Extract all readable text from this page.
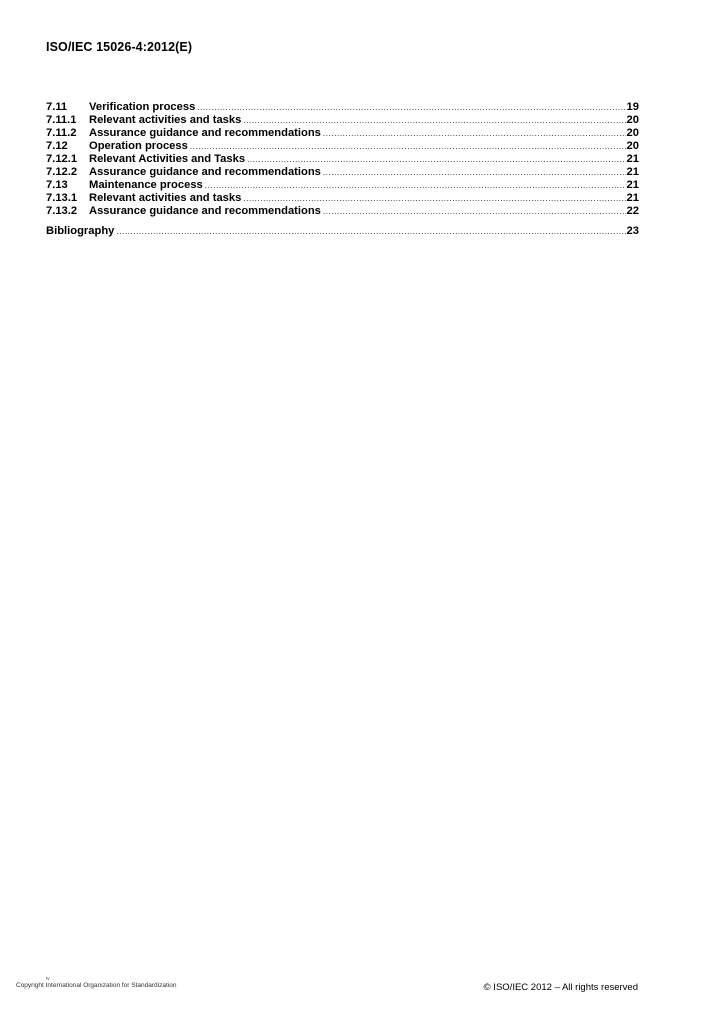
ISO/IEC 15026-4:2012(E)
7.11	Verification process .....	19
7.11.1	Relevant activities and tasks .....	20
7.11.2	Assurance guidance and recommendations .....	20
7.12	Operation process .....	20
7.12.1	Relevant Activities and Tasks .....	21
7.12.2	Assurance guidance and recommendations .....	21
7.13	Maintenance process .....	21
7.13.1	Relevant activities and tasks .....	21
7.13.2	Assurance guidance and recommendations .....	22
Bibliography .....	23
iv
Copyright International Organization for Standardization	© ISO/IEC 2012 – All rights reserved
